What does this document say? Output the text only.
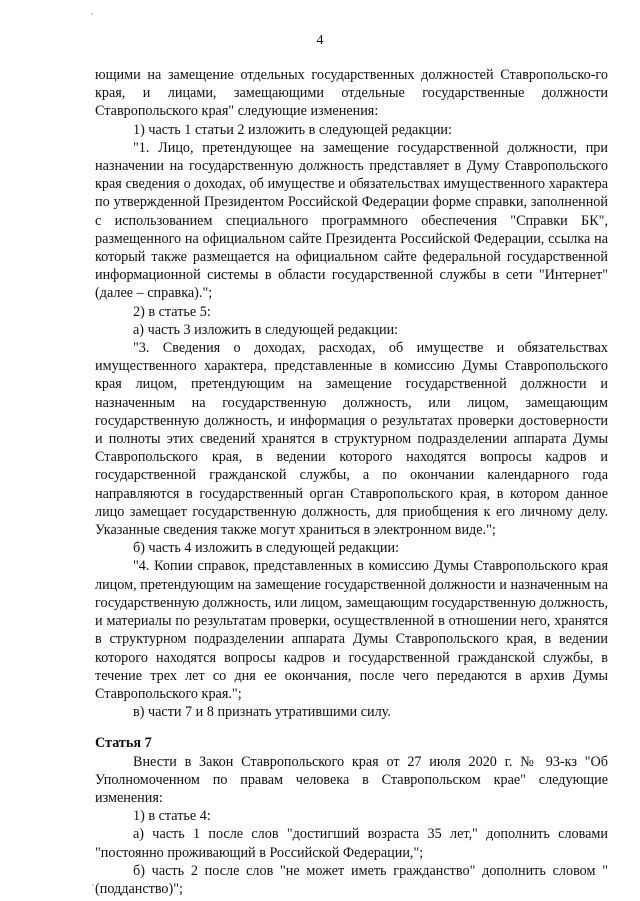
4

ющими на замещение отдельных государственных должностей Ставропольско-го края, и лицами, замещающими отдельные государственные должности Ставропольского края" следующие изменения:

1) часть 1 статьи 2 изложить в следующей редакции:

"1. Лицо, претендующее на замещение государственной должности, при назначении на государственную должность представляет в Думу Ставропольского края сведения о доходах, об имуществе и обязательствах имущественного характера по утвержденной Президентом Российской Федерации форме справки, заполненной с использованием специального программного обеспечения "Справки БК", размещенного на официальном сайте Президента Российской Федерации, ссылка на который также размещается на официальном сайте федеральной государственной информационной системы в области государственной службы в сети "Интернет" (далее – справка).";

2) в статье 5:

а) часть 3 изложить в следующей редакции:

"3. Сведения о доходах, расходах, об имуществе и обязательствах имущественного характера, представленные в комиссию Думы Ставропольского края лицом, претендующим на замещение государственной должности и назначенным на государственную должность, или лицом, замещающим государственную должность, и информация о результатах проверки достоверности и полноты этих сведений хранятся в структурном подразделении аппарата Думы Ставропольского края, в ведении которого находятся вопросы кадров и государственной гражданской службы, а по окончании календарного года направляются в государственный орган Ставропольского края, в котором данное лицо замещает государственную должность, для приобщения к его личному делу. Указанные сведения также могут храниться в электронном виде.";

б) часть 4 изложить в следующей редакции:

"4. Копии справок, представленных в комиссию Думы Ставропольского края лицом, претендующим на замещение государственной должности и назначенным на государственную должность, или лицом, замещающим государственную должность, и материалы по результатам проверки, осуществленной в отношении него, хранятся в структурном подразделении аппарата Думы Ставропольского края, в ведении которого находятся вопросы кадров и государственной гражданской службы, в течение трех лет со дня ее окончания, после чего передаются в архив Думы Ставропольского края.";

в) части 7 и 8 признать утратившими силу.

Статья 7

Внести в Закон Ставропольского края от 27 июля 2020 г. № 93-кз "Об Уполномоченном по правам человека в Ставропольском крае" следующие изменения:

1) в статье 4:

а) часть 1 после слов "достигший возраста 35 лет," дополнить словами "постоянно проживающий в Российской Федерации,";

б) часть 2 после слов "не может иметь гражданство" дополнить словом "(подданство)";
